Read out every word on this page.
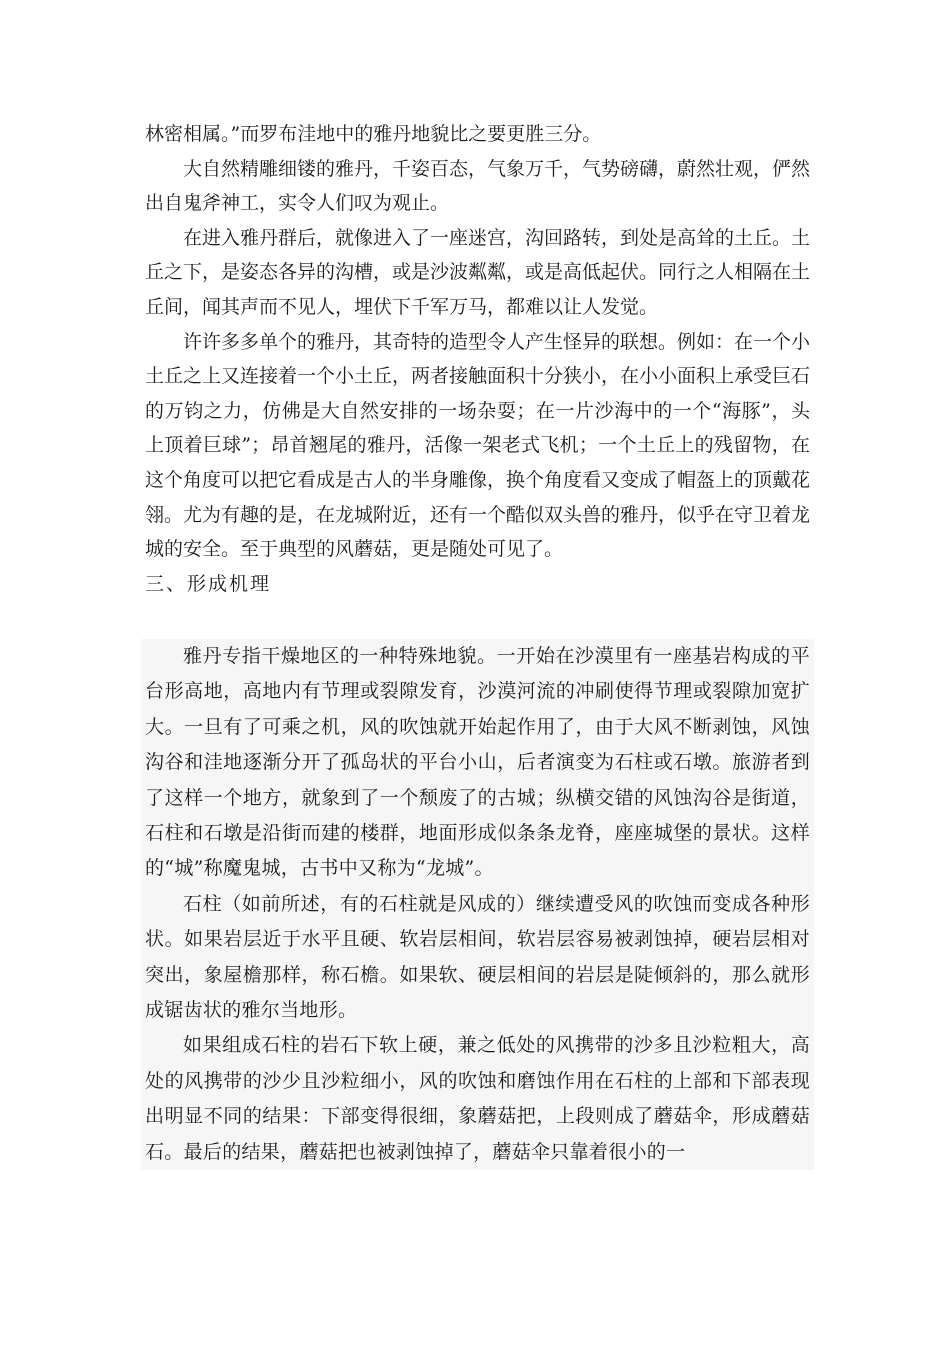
林密相属。”而罗布洼地中的雅丹地貌比之要更胜三分。

大自然精雕细镂的雅丹，千姿百态，气象万千，气势磅礴，蔚然壮观，俨然出自鬼斧神工，实令人们叹为观止。

在进入雅丹群后，就像进入了一座迷宫，沟回路转，到处是高耸的土丘。土丘之下，是姿态各异的沟槽，或是沙波粼粼，或是高低起伏。同行之人相隔在土丘间，闻其声而不见人，埋伏下千军万马，都难以让人发觉。

许许多多单个的雅丹，其奇特的造型令人产生怪异的联想。例如：在一个小土丘之上又连接着一个小土丘，两者接触面积十分狭小，在小小面积上承受巨石的万钧之力，仿佛是大自然安排的一场杂耍；在一片沙海中的一个“海豚”，头上顶着巨球”；昂首翘尾的雅丹，活像一架老式飞机；一个土丘上的残留物，在这个角度可以把它看成是古人的半身雕像，换个角度看又变成了帽盔上的顶戴花翎。尤为有趣的是，在龙城附近，还有一个酷似双头兽的雅丹，似乎在守卫着龙城的安全。至于典型的风蘑菇，更是随处可见了。

三、形成机理

雅丹专指干燥地区的一种特殊地貌。一开始在沙漠里有一座基岩构成的平台形高地，高地内有节理或裂隙发育，沙漠河流的冲刷使得节理或裂隙加宽扩大。一旦有了可乘之机，风的吹蚀就开始起作用了，由于大风不断剥蚀，风蚀沟谷和洼地逐渐分开了孤岛状的平台小山，后者演变为石柱或石墩。旅游者到了这样一个地方，就象到了一个颓废了的古城；纵横交错的风蚀沟谷是街道，石柱和石墩是沿街而建的楼群，地面形成似条条龙脊，座座城堡的景状。这样的“城”称魔鬼城，古书中又称为“龙城”。

石柱（如前所述，有的石柱就是风成的）继续遭受风的吹蚀而变成各种形状。如果岩层近于水平且硬、软岩层相间，软岩层容易被剥蚀掉，硬岩层相对突出，象屋檐那样，称石檐。如果软、硬层相间的岩层是陡倾斜的，那么就形成锯齿状的雅尔当地形。

如果组成石柱的岩石下软上硬，兼之低处的风携带的沙多且沙粒粗大，高处的风携带的沙少且沙粒细小，风的吹蚀和磨蚀作用在石柱的上部和下部表现出明显不同的结果：下部变得很细，象蘑菇把，上段则成了蘑菇伞，形成蘑菇石。最后的结果，蘑菇把也被剥蚀掉了，蘑菇伞只靠着很小的一
